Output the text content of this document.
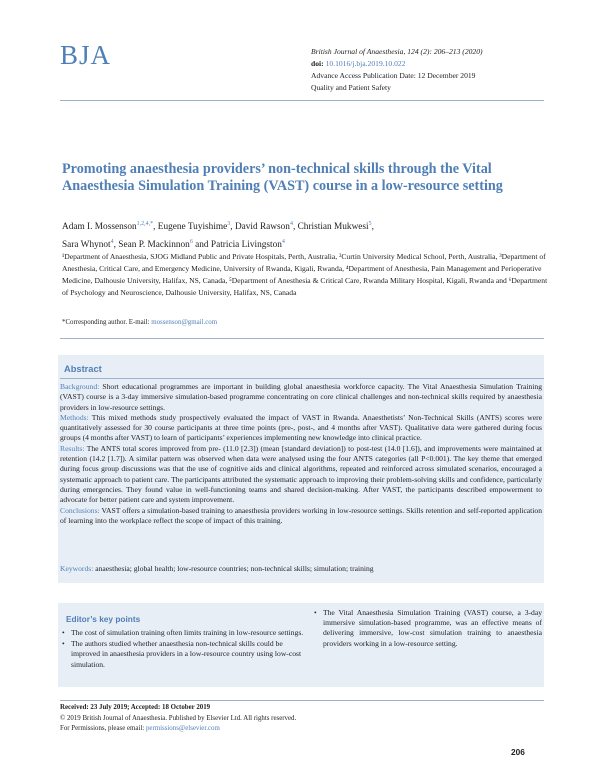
BJA	British Journal of Anaesthesia, 124 (2): 206–213 (2020)
doi: 10.1016/j.bja.2019.10.022
Advance Access Publication Date: 12 December 2019
Quality and Patient Safety
Promoting anaesthesia providers’ non-technical skills through the Vital Anaesthesia Simulation Training (VAST) course in a low-resource setting
Adam I. Mossenson$^{1,2,4,*}$, Eugene Tuyishime$^3$, David Rawson$^4$, Christian Mukwesi$^5$,
Sara Whynot$^4$, Sean P. Mackinnon$^6$ and Patricia Livingston$^4$
¹Department of Anaesthesia, SJOG Midland Public and Private Hospitals, Perth, Australia, ²Curtin University Medical School, Perth, Australia, ³Department of Anesthesia, Critical Care, and Emergency Medicine, University of Rwanda, Kigali, Rwanda, ⁴Department of Anesthesia, Pain Management and Perioperative Medicine, Dalhousie University, Halifax, NS, Canada, ⁵Department of Anesthesia & Critical Care, Rwanda Military Hospital, Kigali, Rwanda and ⁶Department of Psychology and Neuroscience, Dalhousie University, Halifax, NS, Canada
*Corresponding author. E-mail: mossenson@gmail.com
Abstract

Background: Short educational programmes are important in building global anaesthesia workforce capacity. The Vital Anaesthesia Simulation Training (VAST) course is a 3-day immersive simulation-based programme concentrating on core clinical challenges and non-technical skills required by anaesthesia providers in low-resource settings.

Methods: This mixed methods study prospectively evaluated the impact of VAST in Rwanda. Anaesthetists’ Non-Technical Skills (ANTS) scores were quantitatively assessed for 30 course participants at three time points (pre-, post-, and 4 months after VAST). Qualitative data were gathered during focus groups (4 months after VAST) to learn of participants’ experiences implementing new knowledge into clinical practice.

Results: The ANTS total scores improved from pre- (11.0 [2.3]) (mean [standard deviation]) to post-test (14.0 [1.6]), and improvements were maintained at retention (14.2 [1.7]). A similar pattern was observed when data were analysed using the four ANTS categories (all P<0.001). The key theme that emerged during focus group discussions was that the use of cognitive aids and clinical algorithms, repeated and reinforced across simulated scenarios, encouraged a systematic approach to patient care. The participants attributed the systematic approach to improving their problem-solving skills and confidence, particularly during emergencies. They found value in well-functioning teams and shared decision-making. After VAST, the participants described empowerment to advocate for better patient care and system improvement.

Conclusions: VAST offers a simulation-based training to anaesthesia providers working in low-resource settings. Skills retention and self-reported application of learning into the workplace reflect the scope of impact of this training.

Keywords: anaesthesia; global health; low-resource countries; non-technical skills; simulation; training
Editor’s key points
• The cost of simulation training often limits training in low-resource settings.
• The authors studied whether anaesthesia non-technical skills could be improved in anaesthesia providers in a low-resource country using low-cost simulation.
• The Vital Anaesthesia Simulation Training (VAST) course, a 3-day immersive simulation-based programme, was an effective means of delivering immersive, low-cost simulation training to anaesthesia providers working in a low-resource setting.
Received: 23 July 2019; Accepted: 18 October 2019
© 2019 British Journal of Anaesthesia. Published by Elsevier Ltd. All rights reserved.
For Permissions, please email: permissions@elsevier.com
206
